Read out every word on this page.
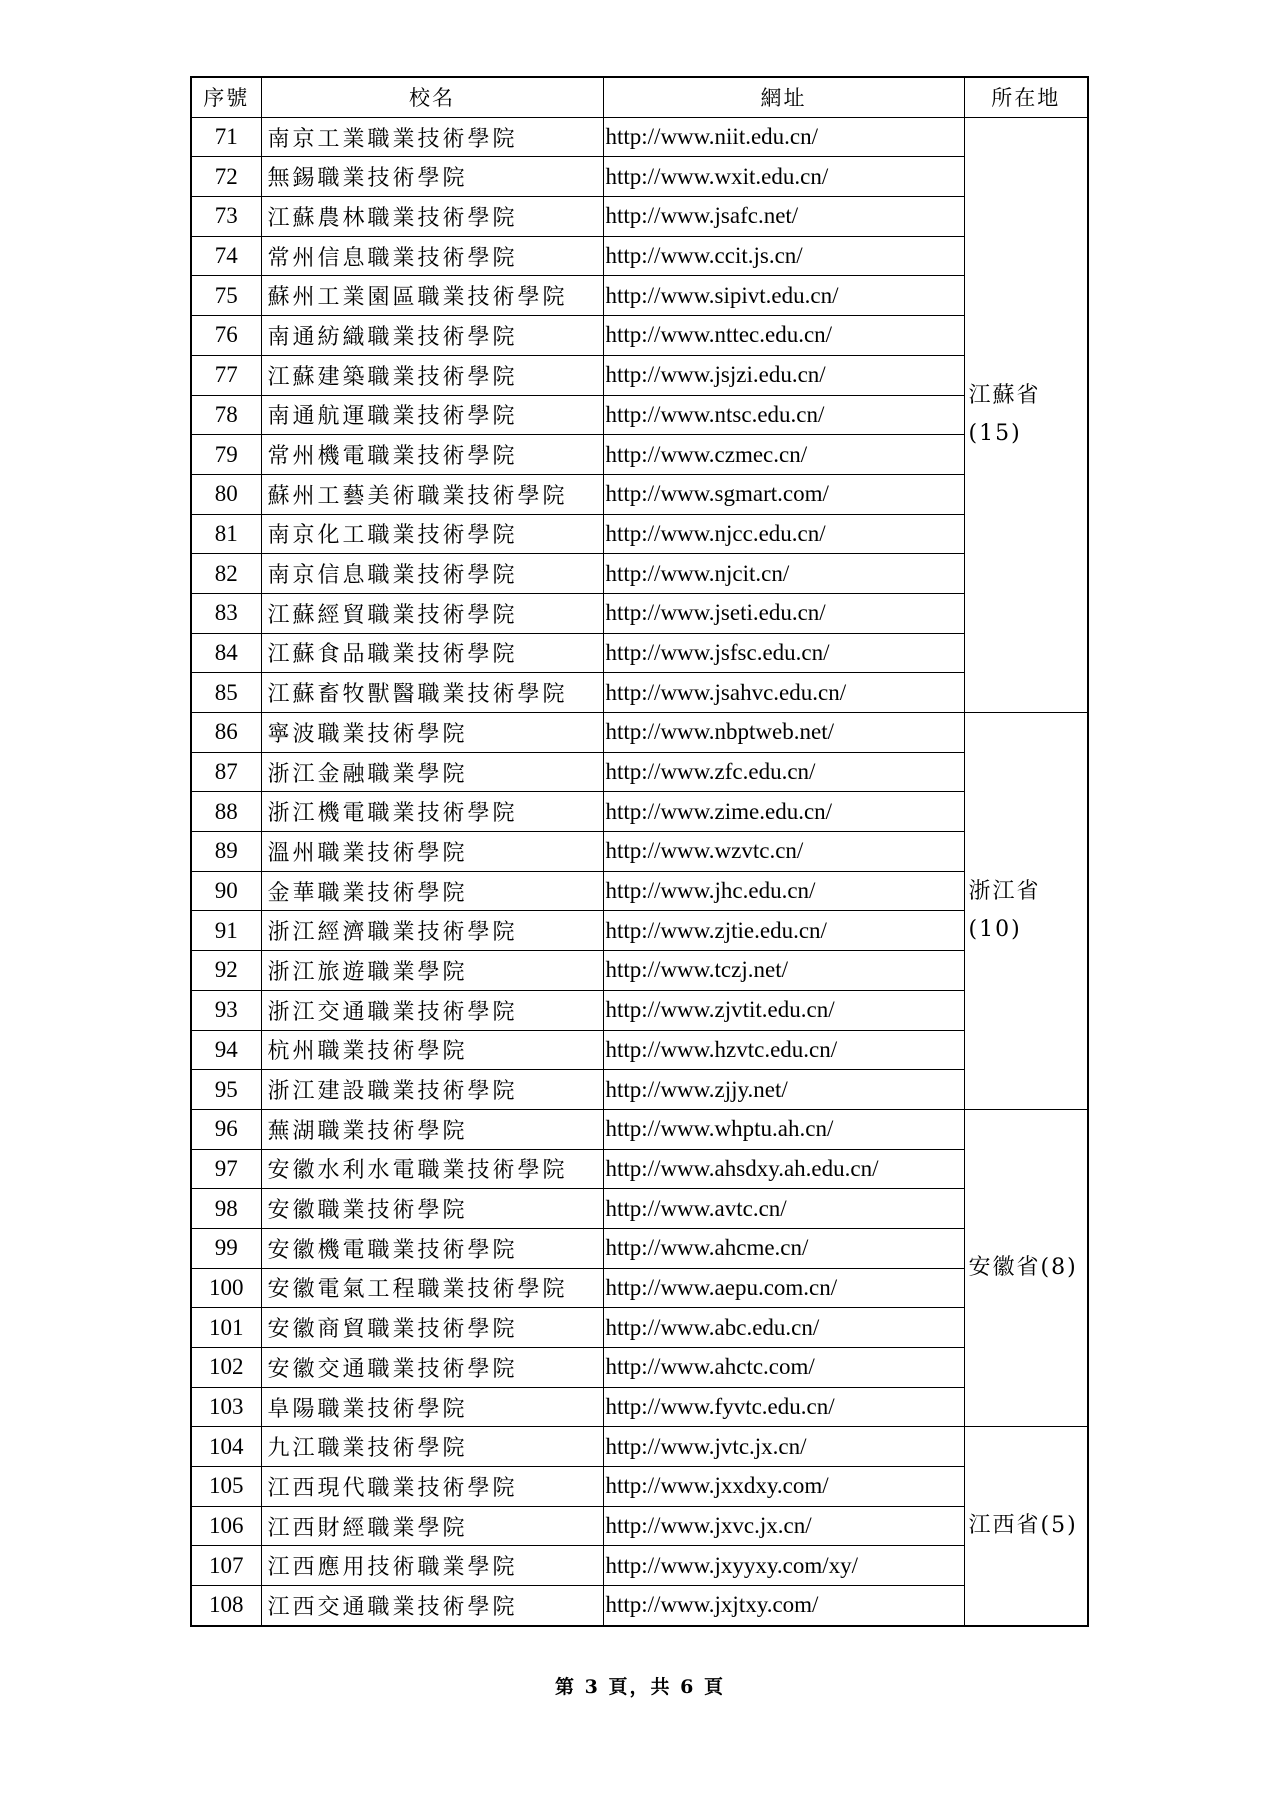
序號	校名	網址	所在地
71	南京工業職業技術學院	http://www.niit.edu.cn/	江蘇省
(15)

72	無錫職業技術學院	http://www.wxit.edu.cn/	
73	江蘇農林職業技術學院	http://www.jsafc.net/	
74	常州信息職業技術學院	http://www.ccit.js.cn/	
75	蘇州工業園區職業技術學院	http://www.sipivt.edu.cn/	
76	南通紡織職業技術學院	http://www.nttec.edu.cn/	
77	江蘇建築職業技術學院	http://www.jsjzi.edu.cn/	
78	南通航運職業技術學院	http://www.ntsc.edu.cn/	
79	常州機電職業技術學院	http://www.czmec.cn/	
80	蘇州工藝美術職業技術學院	http://www.sgmart.com/	
81	南京化工職業技術學院	http://www.njcc.edu.cn/	
82	南京信息職業技術學院	http://www.njcit.cn/	
83	江蘇經貿職業技術學院	http://www.jseti.edu.cn/	
84	江蘇食品職業技術學院	http://www.jsfsc.edu.cn/	
85	江蘇畜牧獸醫職業技術學院	http://www.jsahvc.edu.cn/	
86	寧波職業技術學院	http://www.nbptweb.net/	浙江省
(10)

87	浙江金融職業學院	http://www.zfc.edu.cn/	
88	浙江機電職業技術學院	http://www.zime.edu.cn/	
89	溫州職業技術學院	http://www.wzvtc.cn/	
90	金華職業技術學院	http://www.jhc.edu.cn/	
91	浙江經濟職業技術學院	http://www.zjtie.edu.cn/	
92	浙江旅遊職業學院	http://www.tczj.net/	
93	浙江交通職業技術學院	http://www.zjvtit.edu.cn/	
94	杭州職業技術學院	http://www.hzvtc.edu.cn/	
95	浙江建設職業技術學院	http://www.zjjy.net/	
96	蕪湖職業技術學院	http://www.whptu.ah.cn/	安徽省(8)

97	安徽水利水電職業技術學院	http://www.ahsdxy.ah.edu.cn/	
98	安徽職業技術學院	http://www.avtc.cn/	
99	安徽機電職業技術學院	http://www.ahcme.cn/	
100	安徽電氣工程職業技術學院	http://www.aepu.com.cn/	
101	安徽商貿職業技術學院	http://www.abc.edu.cn/	
102	安徽交通職業技術學院	http://www.ahctc.com/	
103	阜陽職業技術學院	http://www.fyvtc.edu.cn/	
104	九江職業技術學院	http://www.jvtc.jx.cn/	江西省(5)

105	江西現代職業技術學院	http://www.jxxdxy.com/	
106	江西財經職業學院	http://www.jxvc.jx.cn/	
107	江西應用技術職業學院	http://www.jxyyxy.com/xy/	
108	江西交通職業技術學院	http://www.jxjtxy.com/	
第 3 頁，共 6 頁
